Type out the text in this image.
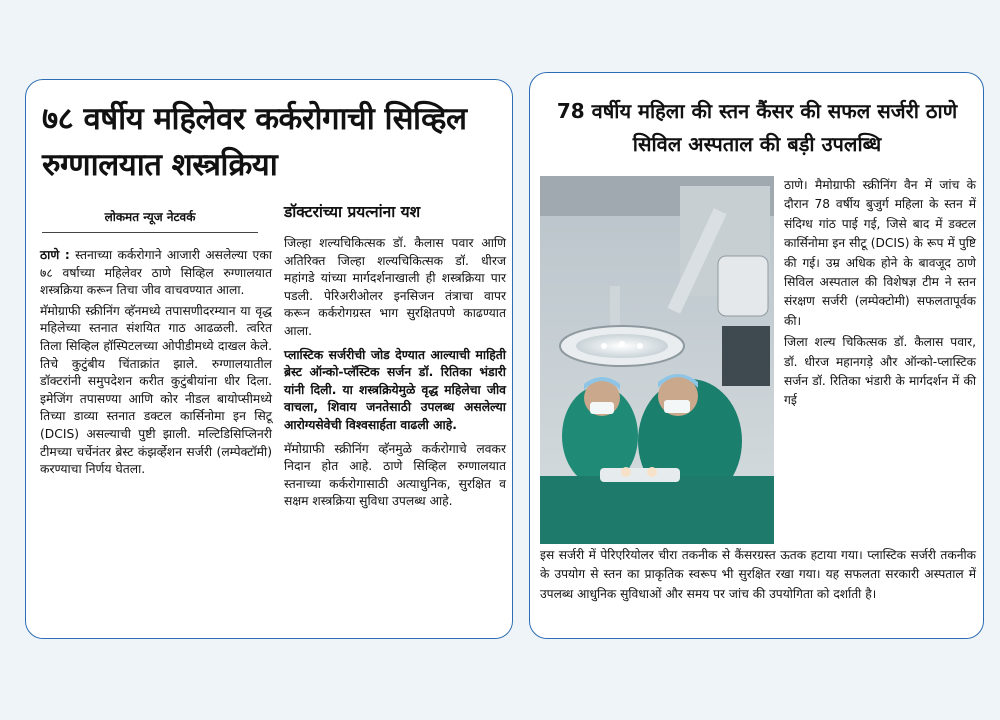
७८ वर्षीय महिलेवर कर्करोगाची सिव्हिल रुग्णालयात शस्त्रक्रिया
लोकमत न्यूज नेटवर्क	डॉक्टरांच्या प्रयत्नांना यश

ठाणे : स्तनाच्या कर्करोगाने आजारी असलेल्या एका ७८ वर्षाच्या महिलेवर ठाणे सिव्हिल रुग्णालयात शस्त्रक्रिया करून तिचा जीव वाचवण्यात आला.

मॅमोग्राफी स्क्रीनिंग व्हॅनमध्ये तपासणीदरम्यान या वृद्ध महिलेच्या स्तनात संशयित गाठ आढळली. त्वरित तिला सिव्हिल हॉस्पिटलच्या ओपीडीमध्ये दाखल केले. तिचे कुटुंबीय चिंताक्रांत झाले. रुग्णालयातील डॉक्टरांनी समुपदेशन करीत कुटुंबीयांना धीर दिला. इमेजिंग तपासण्या आणि कोर नीडल बायोप्सीमध्ये तिच्या डाव्या स्तनात डक्टल कार्सिनोमा इन सिटू (DCIS) असल्याची पुष्टी झाली. मल्टिडिसिप्लिनरी टीमच्या चर्चेनंतर ब्रेस्ट कंझर्व्हेशन सर्जरी (लम्पेक्टॉमी) करण्याचा निर्णय घेतला.

जिल्हा शल्यचिकित्सक डॉ. कैलास पवार आणि अतिरिक्त जिल्हा शल्यचिकित्सक डॉ. धीरज महांगडे यांच्या मार्गदर्शनाखाली ही शस्त्रक्रिया पार पडली. पेरिअरीओलर इनसिजन तंत्राचा वापर करून कर्करोगग्रस्त भाग सुरक्षितपणे काढण्यात आला.

प्लास्टिक सर्जरीची जोड देण्यात आल्याची माहिती ब्रेस्ट ऑन्को-प्लॅस्टिक सर्जन डॉ. रितिका भंडारी यांनी दिली. या शस्त्रक्रियेमुळे वृद्ध महिलेचा जीव वाचला, शिवाय जनतेसाठी उपलब्ध असलेल्या आरोग्यसेवेची विश्वसार्हता वाढली आहे.

मॅमोग्राफी स्क्रीनिंग व्हॅनमुळे कर्करोगाचे लवकर निदान होत आहे. ठाणे सिव्हिल रुग्णालयात स्तनाच्या कर्करोगासाठी अत्याधुनिक, सुरक्षित व सक्षम शस्त्रक्रिया सुविधा उपलब्ध आहे.

78 वर्षीय महिला की स्तन कैंसर की सफल सर्जरी ठाणे सिविल अस्पताल की बड़ी उपलब्धि

ठाणे। मैमोग्राफी स्क्रीनिंग वैन में जांच के दौरान 78 वर्षीय बुजुर्ग महिला के स्तन में संदिग्ध गांठ पाई गई, जिसे बाद में डक्टल कार्सिनोमा इन सीटू (DCIS) के रूप में पुष्टि की गई। उम्र अधिक होने के बावजूद ठाणे सिविल अस्पताल की विशेषज्ञ टीम ने स्तन संरक्षण सर्जरी (लम्पेक्टोमी) सफलतापूर्वक की।

जिला शल्य चिकित्सक डॉ. कैलास पवार, डॉ. धीरज महानगड़े और ऑन्को-प्लास्टिक सर्जन डॉ. रितिका भंडारी के मार्गदर्शन में की गई

इस सर्जरी में पेरिएरियोलर चीरा तकनीक से कैंसरग्रस्त ऊतक हटाया गया। प्लास्टिक सर्जरी तकनीक के उपयोग से स्तन का प्राकृतिक स्वरूप भी सुरक्षित रखा गया। यह सफलता सरकारी अस्पताल में उपलब्ध आधुनिक सुविधाओं और समय पर जांच की उपयोगिता को दर्शाती है।
